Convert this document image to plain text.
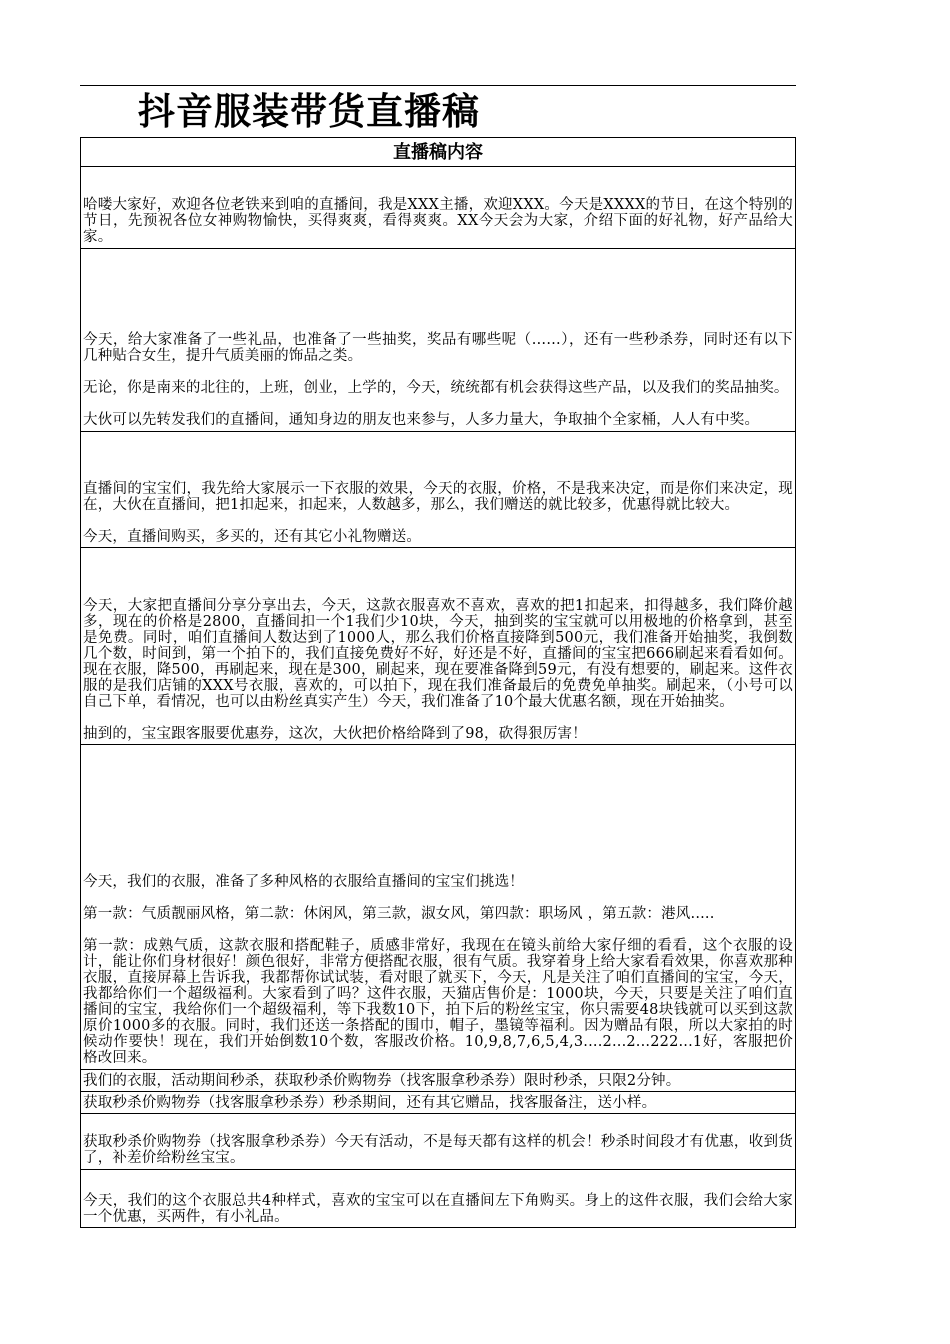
抖音服装带货直播稿
直播稿内容
哈喽大家好，欢迎各位老铁来到咱的直播间，我是XXX主播，欢迎XXX。今天是XXXX的节日，在这个特别的节日，先预祝各位女神购物愉快，买得爽爽，看得爽爽。XX今天会为大家，介绍下面的好礼物，好产品给大家。
今天，给大家准备了一些礼品，也准备了一些抽奖，奖品有哪些呢（……），还有一些秒杀券，同时还有以下几种贴合女生，提升气质美丽的饰品之类。
无论，你是南来的北往的，上班，创业，上学的，今天，统统都有机会获得这些产品，以及我们的奖品抽奖。
大伙可以先转发我们的直播间，通知身边的朋友也来参与，人多力量大，争取抽个全家桶，人人有中奖。
直播间的宝宝们，我先给大家展示一下衣服的效果，今天的衣服，价格，不是我来决定，而是你们来决定，现在，大伙在直播间，把1扣起来，扣起来，人数越多，那么，我们赠送的就比较多，优惠得就比较大。
今天，直播间购买，多买的，还有其它小礼物赠送。
今天，大家把直播间分享分享出去，今天，这款衣服喜欢不喜欢，喜欢的把1扣起来，扣得越多，我们降价越多，现在的价格是2800，直播间扣一个1我们少10块，今天，抽到奖的宝宝就可以用极地的价格拿到，甚至是免费。同时，咱们直播间人数达到了1000人，那么我们价格直接降到500元，我们准备开始抽奖，我倒数几个数，时间到，第一个拍下的，我们直接免费好不好，好还是不好，直播间的宝宝把666刷起来看看如何。现在衣服，降500，再刷起来，现在是300，刷起来，现在要准备降到59元，有没有想要的，刷起来。这件衣服的是我们店铺的XXX号衣服，喜欢的，可以拍下，现在我们准备最后的免费免单抽奖。刷起来，（小号可以自己下单，看情况，也可以由粉丝真实产生）今天，我们准备了10个最大优惠名额，现在开始抽奖。
抽到的，宝宝跟客服要优惠券，这次，大伙把价格给降到了98，砍得狠厉害！
今天，我们的衣服，准备了多种风格的衣服给直播间的宝宝们挑选！
第一款：气质靓丽风格，第二款：休闲风，第三款，淑女风，第四款：职场风 ，第五款：港风.....
第一款：成熟气质，这款衣服和搭配鞋子，质感非常好，我现在在镜头前给大家仔细的看看，这个衣服的设计，能让你们身材很好！颜色很好，非常方便搭配衣服，很有气质。我穿着身上给大家看看效果，你喜欢那种衣服，直接屏幕上告诉我，我都帮你试试装，看对眼了就买下，今天，凡是关注了咱们直播间的宝宝，今天，我都给你们一个超级福利。大家看到了吗？这件衣服，天猫店售价是：1000块，今天，只要是关注了咱们直播间的宝宝，我给你们一个超级福利，等下我数10下，拍下后的粉丝宝宝，你只需要48块钱就可以买到这款原价1000多的衣服。同时，我们还送一条搭配的围巾，帽子，墨镜等福利。因为赠品有限，所以大家拍的时候动作要快！现在，我们开始倒数10个数，客服改价格。10,9,8,7,6,5,4,3....2...2...222...1好，客服把价格改回来。
我们的衣服，活动期间秒杀，获取秒杀价购物券（找客服拿秒杀券）限时秒杀，只限2分钟。
获取秒杀价购物券（找客服拿秒杀券）秒杀期间，还有其它赠品，找客服备注，送小样。
获取秒杀价购物券（找客服拿秒杀券）今天有活动，不是每天都有这样的机会！秒杀时间段才有优惠，收到货了，补差价给粉丝宝宝。
今天，我们的这个衣服总共4种样式，喜欢的宝宝可以在直播间左下角购买。身上的这件衣服，我们会给大家一个优惠，买两件，有小礼品。
